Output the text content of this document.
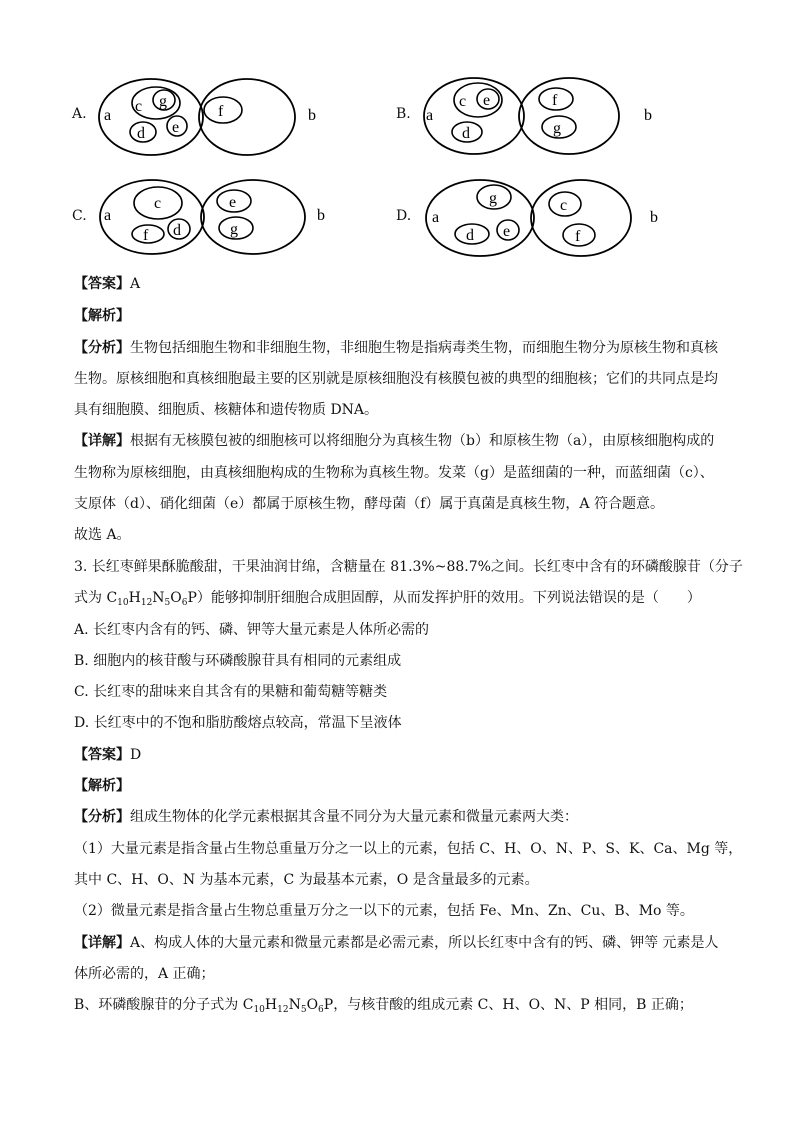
A. a
c g
d e
f	b	B. a
c e
d
f
g
b
C. a
c
f d
e
g
b	D. a
g
d e
c
f
b
【答案】A
【解析】
【分析】生物包括细胞生物和非细胞生物，非细胞生物是指病毒类生物，而细胞生物分为原核生物和真核
生物。原核细胞和真核细胞最主要的区别就是原核细胞没有核膜包被的典型的细胞核；它们的共同点是均
具有细胞膜、细胞质、核糖体和遗传物质 DNA。
【详解】根据有无核膜包被的细胞核可以将细胞分为真核生物（b）和原核生物（a），由原核细胞构成的
生物称为原核细胞，由真核细胞构成的生物称为真核生物。发菜（g）是蓝细菌的一种，而蓝细菌（c）、
支原体（d）、硝化细菌（e）都属于原核生物，酵母菌（f）属于真菌是真核生物，A 符合题意。
故选 A。
3. 长红枣鲜果酥脆酸甜，干果油润甘绵，含糖量在 81.3%~88.7%之间。长红枣中含有的环磷酸腺苷（分子
式为 $C_{10}H_{12}N_5O_6P$）能够抑制肝细胞合成胆固醇，从而发挥护肝的效用。下列说法错误的是（　　）
A. 长红枣内含有的钙、磷、钾等大量元素是人体所必需的
B. 细胞内的核苷酸与环磷酸腺苷具有相同的元素组成
C. 长红枣的甜味来自其含有的果糖和葡萄糖等糖类
D. 长红枣中的不饱和脂肪酸熔点较高，常温下呈液体
【答案】D
【解析】
【分析】组成生物体的化学元素根据其含量不同分为大量元素和微量元素两大类：
（1）大量元素是指含量占生物总重量万分之一以上的元素，包括 C、H、O、N、P、S、K、Ca、Mg 等，
其中 C、H、O、N 为基本元素，C 为最基本元素，O 是含量最多的元素。
（2）微量元素是指含量占生物总重量万分之一以下的元素，包括 Fe、Mn、Zn、Cu、B、Mo 等。
【详解】A、构成人体的大量元素和微量元素都是必需元素，所以长红枣中含有的钙、磷、钾等 元素是人
体所必需的，A 正确；
B、环磷酸腺苷的分子式为 $C_{10}H_{12}N_5O_6P$，与核苷酸的组成元素 C、H、O、N、P 相同，B 正确；
